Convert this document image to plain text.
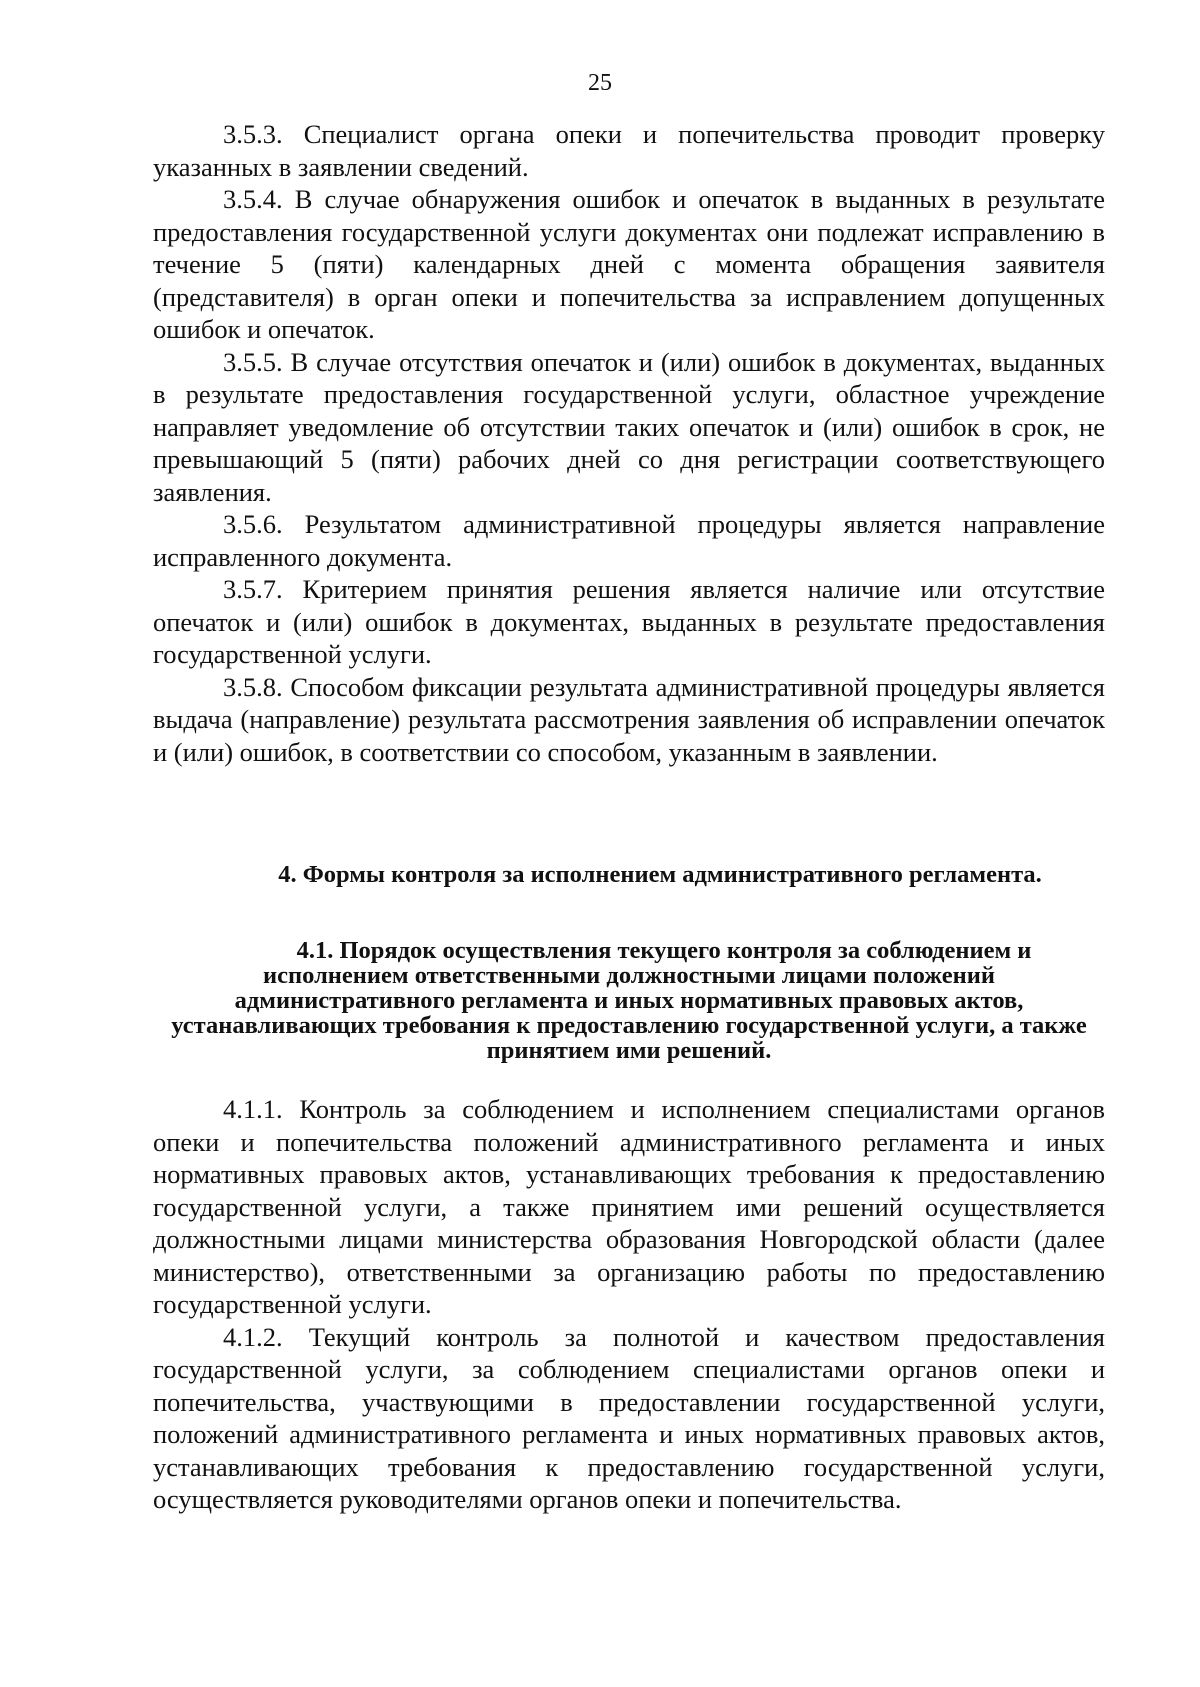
25

3.5.3. Специалист органа опеки и попечительства проводит проверку указанных в заявлении сведений.

3.5.4. В случае обнаружения ошибок и опечаток в выданных в результате предоставления государственной услуги документах они подлежат исправлению в течение 5 (пяти) календарных дней с момента обращения заявителя (представителя) в орган опеки и попечительства за исправлением допущенных ошибок и опечаток.

3.5.5. В случае отсутствия опечаток и (или) ошибок в документах, выданных в результате предоставления государственной услуги, областное учреждение направляет уведомление об отсутствии таких опечаток и (или) ошибок в срок, не превышающий 5 (пяти) рабочих дней со дня регистрации соответствующего заявления.

3.5.6. Результатом административной процедуры является направление исправленного документа.

3.5.7. Критерием принятия решения является наличие или отсутствие опечаток и (или) ошибок в документах, выданных в результате предоставления государственной услуги.

3.5.8. Способом фиксации результата административной процедуры является выдача (направление) результата рассмотрения заявления об исправлении опечаток и (или) ошибок, в соответствии со способом, указанным в заявлении.

4. Формы контроля за исполнением административного регламента.
4.1. Порядок осуществления текущего контроля за соблюдением и исполнением ответственными должностными лицами положений административного регламента и иных нормативных правовых актов, устанавливающих требования к предоставлению государственной услуги, а также принятием ими решений.

4.1.1. Контроль за соблюдением и исполнением специалистами органов опеки и попечительства положений административного регламента и иных нормативных правовых актов, устанавливающих требования к предоставлению государственной услуги, а также принятием ими решений осуществляется должностными лицами министерства образования Новгородской области (далее министерство), ответственными за организацию работы по предоставлению государственной услуги.

4.1.2. Текущий контроль за полнотой и качеством предоставления государственной услуги, за соблюдением специалистами органов опеки и попечительства, участвующими в предоставлении государственной услуги, положений административного регламента и иных нормативных правовых актов, устанавливающих требования к предоставлению государственной услуги, осуществляется руководителями органов опеки и попечительства.
